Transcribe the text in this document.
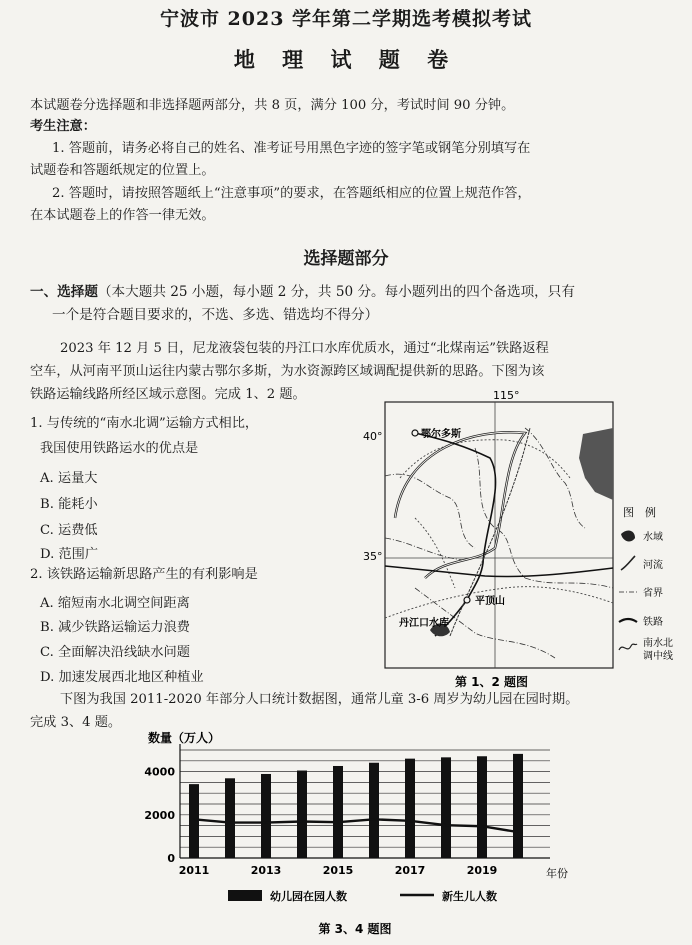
宁波市 2023 学年第二学期选考模拟考试
地 理 试 题 卷
本试题卷分选择题和非选择题两部分，共 8 页，满分 100 分，考试时间 90 分钟。
考生注意：
1. 答题前，请务必将自己的姓名、准考证号用黑色字迹的签字笔或钢笔分别填写在
试题卷和答题纸规定的位置上。
2. 答题时，请按照答题纸上“注意事项”的要求，在答题纸相应的位置上规范作答，
在本试题卷上的作答一律无效。
选择题部分
一、选择题（本大题共 25 小题，每小题 2 分，共 50 分。每小题列出的四个备选项，只有
一个是符合题目要求的，不选、多选、错选均不得分）
2023 年 12 月 5 日，尼龙液袋包装的丹江口水库优质水，通过“北煤南运”铁路返程
空车，从河南平顶山运往内蒙古鄂尔多斯，为水资源跨区域调配提供新的思路。下图为该
铁路运输线路所经区域示意图。完成 1、2 题。
1. 与传统的“南水北调”运输方式相比，
我国使用铁路运水的优点是
A. 运量大
B. 能耗小
C. 运费低
D. 范围广
2. 该铁路运输新思路产生的有利影响是
A. 缩短南水北调空间距离
B. 减少铁路运输运力浪费
C. 全面解决沿线缺水问题
D. 加速发展西北地区种植业
115°
40°
35°
鄂尔多斯
平顶山
丹江口水库
图　例
水域
河流
省界
铁路
南水北 调中线
第 1、2 题图
下图为我国 2011-2020 年部分人口统计数据图，通常儿童 3-6 周岁为幼儿园在园时期。
完成 3、4 题。
数量（万人）
0
2000
4000
2011	2013	2015	2017	2019	年份
幼儿园在园人数	新生儿人数
第 3、4 题图
